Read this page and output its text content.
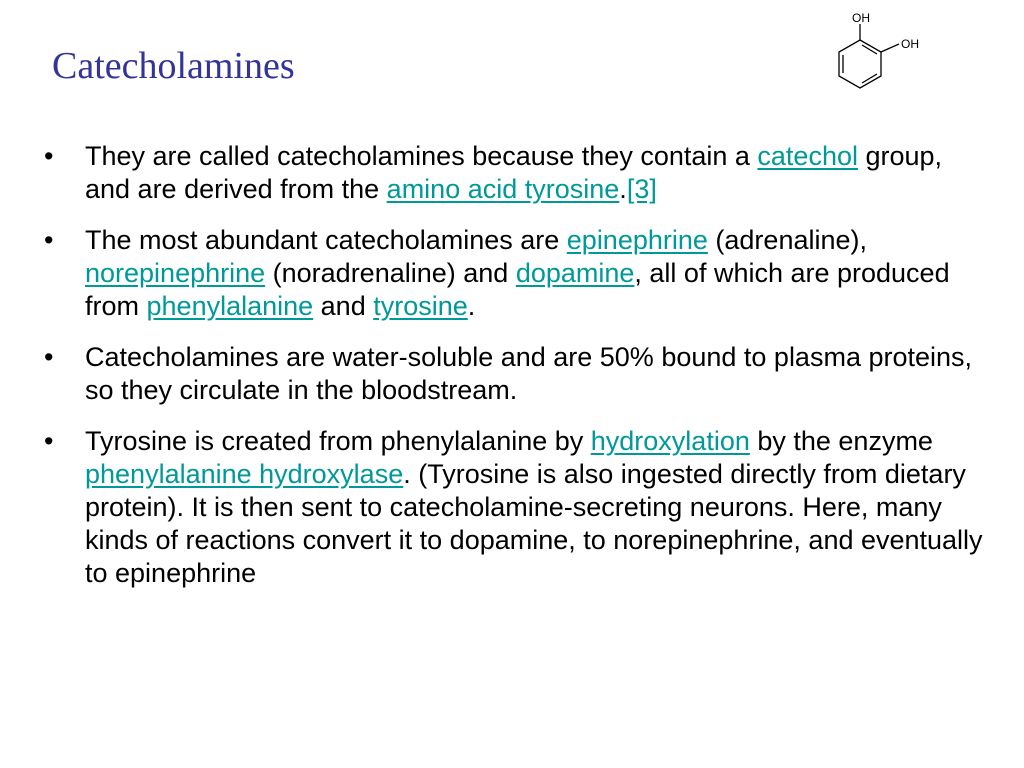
Catecholamines
OH
OH
• They are called catecholamines because they contain a catechol group, and are derived from the amino acid tyrosine.[3]
• The most abundant catecholamines are epinephrine (adrenaline), norepinephrine (noradrenaline) and dopamine, all of which are produced from phenylalanine and tyrosine.
• Catecholamines are water-soluble and are 50% bound to plasma proteins, so they circulate in the bloodstream.
• Tyrosine is created from phenylalanine by hydroxylation by the enzyme phenylalanine hydroxylase. (Tyrosine is also ingested directly from dietary protein). It is then sent to catecholamine-secreting neurons. Here, many kinds of reactions convert it to dopamine, to norepinephrine, and eventually to epinephrine
